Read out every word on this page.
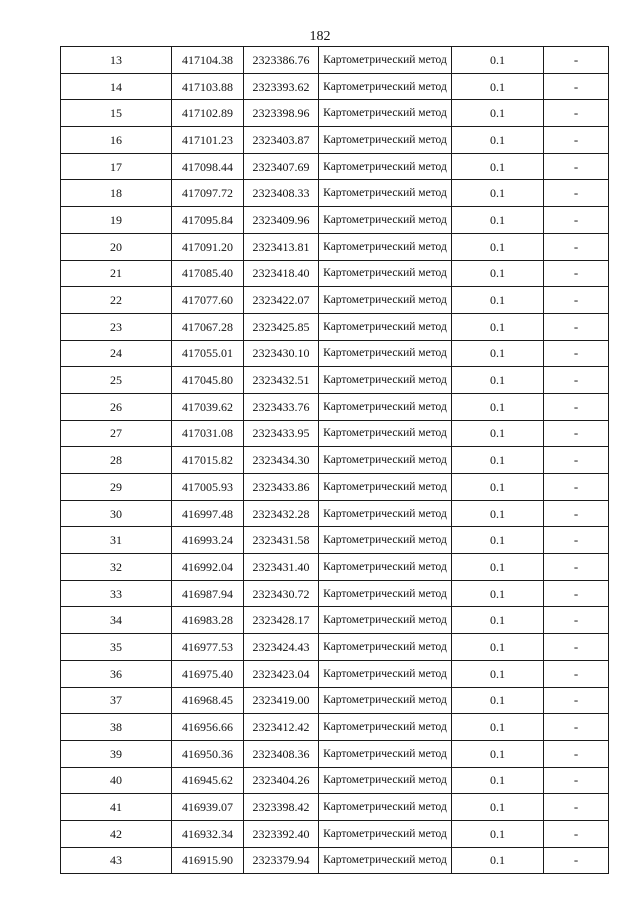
182
13	417104.38	2323386.76	Картометрический метод	0.1	-
14	417103.88	2323393.62	Картометрический метод	0.1	-
15	417102.89	2323398.96	Картометрический метод	0.1	-
16	417101.23	2323403.87	Картометрический метод	0.1	-
17	417098.44	2323407.69	Картометрический метод	0.1	-
18	417097.72	2323408.33	Картометрический метод	0.1	-
19	417095.84	2323409.96	Картометрический метод	0.1	-
20	417091.20	2323413.81	Картометрический метод	0.1	-
21	417085.40	2323418.40	Картометрический метод	0.1	-
22	417077.60	2323422.07	Картометрический метод	0.1	-
23	417067.28	2323425.85	Картометрический метод	0.1	-
24	417055.01	2323430.10	Картометрический метод	0.1	-
25	417045.80	2323432.51	Картометрический метод	0.1	-
26	417039.62	2323433.76	Картометрический метод	0.1	-
27	417031.08	2323433.95	Картометрический метод	0.1	-
28	417015.82	2323434.30	Картометрический метод	0.1	-
29	417005.93	2323433.86	Картометрический метод	0.1	-
30	416997.48	2323432.28	Картометрический метод	0.1	-
31	416993.24	2323431.58	Картометрический метод	0.1	-
32	416992.04	2323431.40	Картометрический метод	0.1	-
33	416987.94	2323430.72	Картометрический метод	0.1	-
34	416983.28	2323428.17	Картометрический метод	0.1	-
35	416977.53	2323424.43	Картометрический метод	0.1	-
36	416975.40	2323423.04	Картометрический метод	0.1	-
37	416968.45	2323419.00	Картометрический метод	0.1	-
38	416956.66	2323412.42	Картометрический метод	0.1	-
39	416950.36	2323408.36	Картометрический метод	0.1	-
40	416945.62	2323404.26	Картометрический метод	0.1	-
41	416939.07	2323398.42	Картометрический метод	0.1	-
42	416932.34	2323392.40	Картометрический метод	0.1	-
43	416915.90	2323379.94	Картометрический метод	0.1	-
